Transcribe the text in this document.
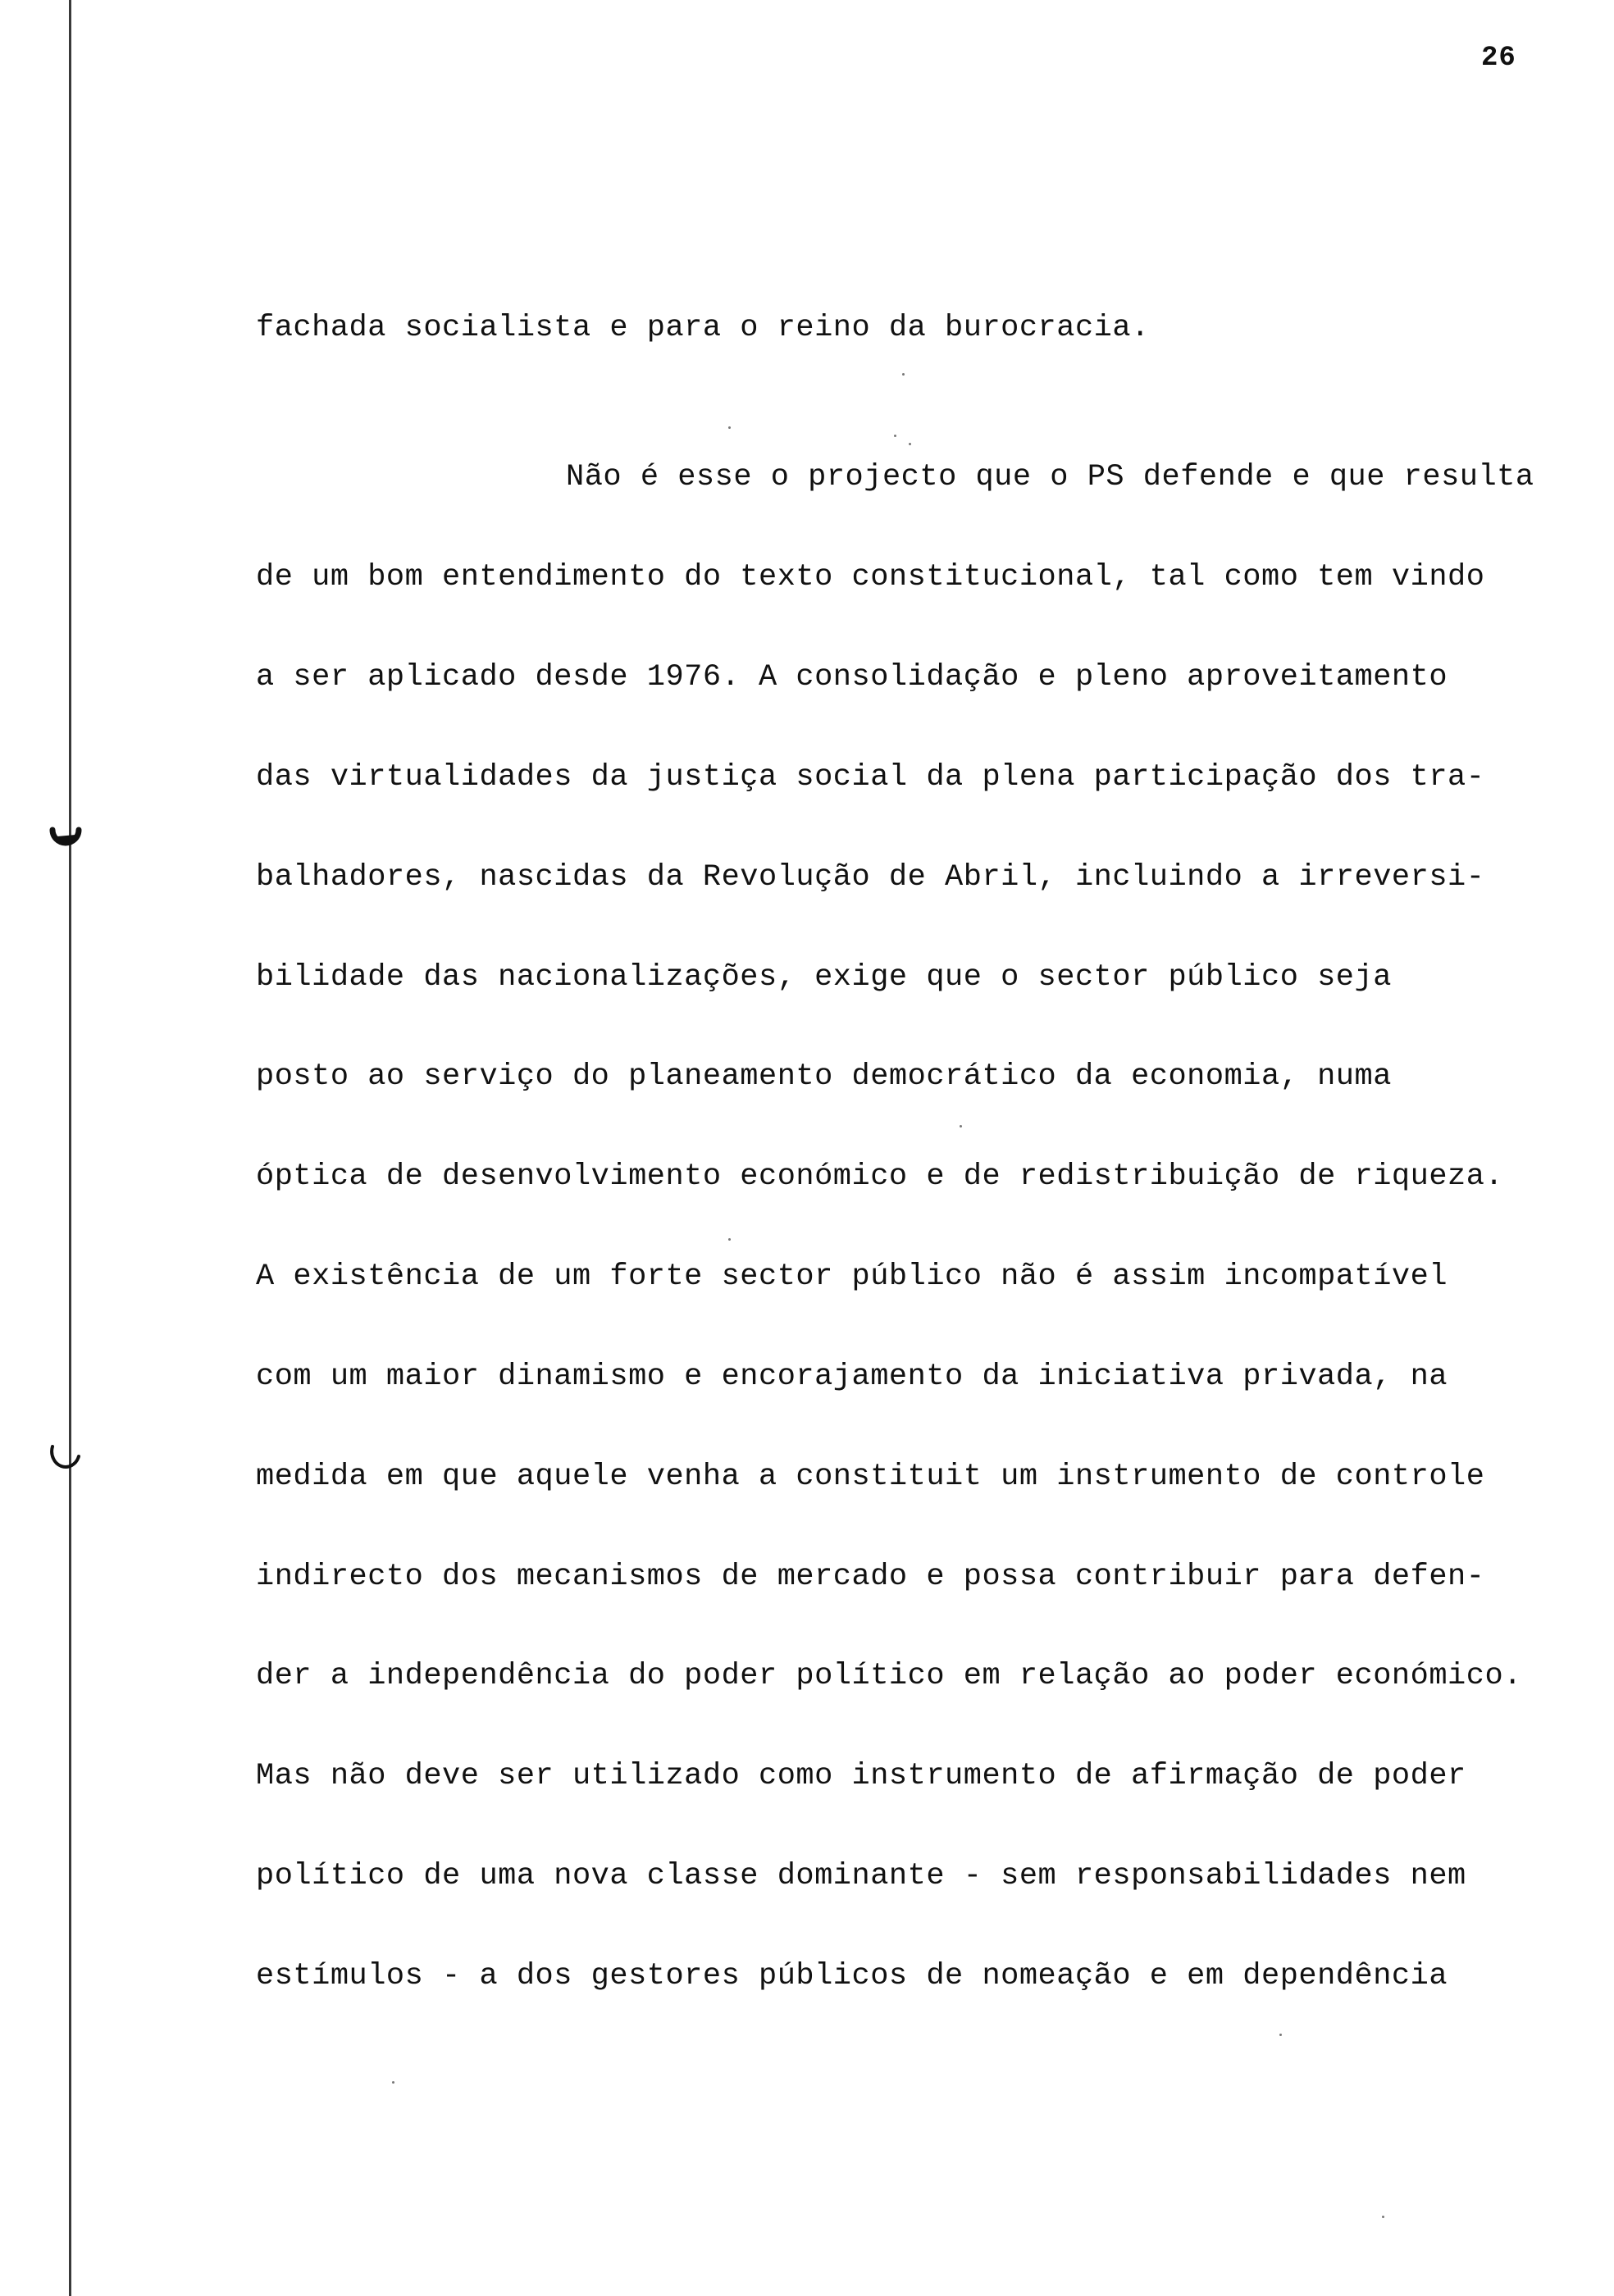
26
fachada socialista e para o reino da burocracia.
Não é esse o projecto que o PS defende e que resulta
de um bom entendimento do texto constitucional, tal como tem vindo
a ser aplicado desde 1976. A consolidação e pleno aproveitamento
das virtualidades da justiça social da plena participação dos tra-
balhadores, nascidas da Revolução de Abril, incluindo a irreversi-
bilidade das nacionalizações, exige que o sector público seja
posto ao serviço do planeamento democrático da economia, numa
óptica de desenvolvimento económico e de redistribuição de riqueza.
A existência de um forte sector público não é assim incompatível
com um maior dinamismo e encorajamento da iniciativa privada, na
medida em que aquele venha a constituit um instrumento de controle
indirecto dos mecanismos de mercado e possa contribuir para defen-
der a independência do poder político em relação ao poder económico.
Mas não deve ser utilizado como instrumento de afirmação de poder
político de uma nova classe dominante - sem responsabilidades nem
estímulos - a dos gestores públicos de nomeação e em dependência
